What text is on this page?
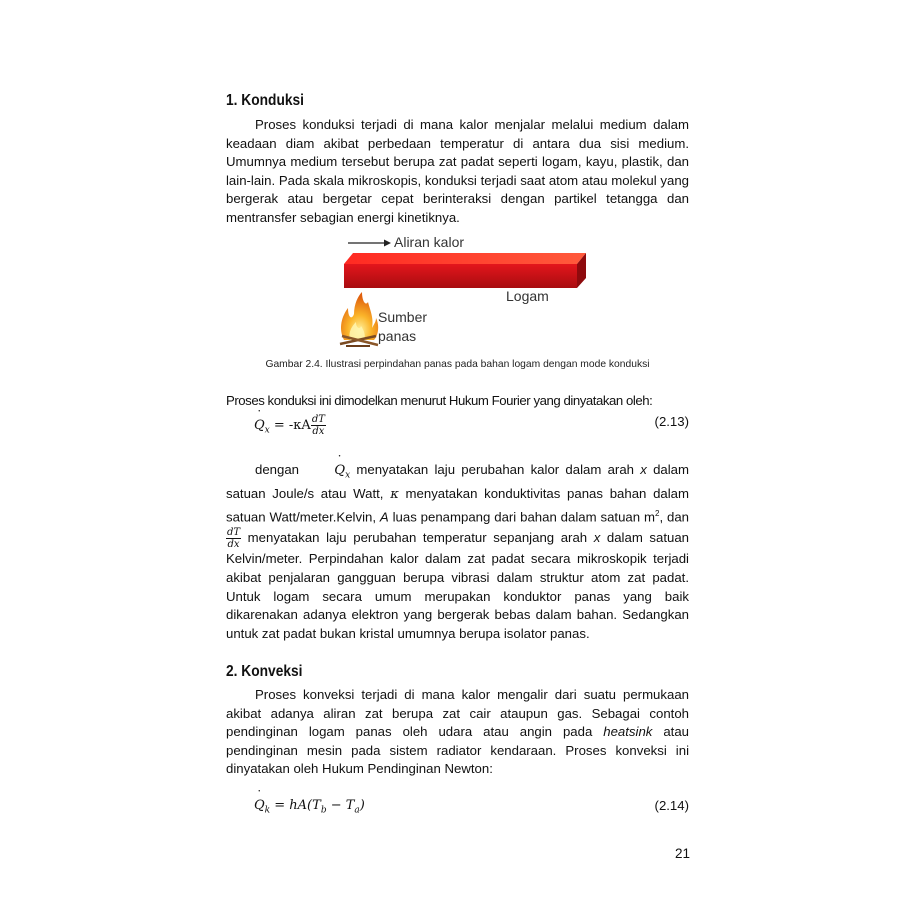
1. Konduksi

Proses konduksi terjadi di mana kalor menjalar melalui medium dalam keadaan diam akibat perbedaan temperatur di antara dua sisi medium. Umumnya medium tersebut berupa zat padat seperti logam, kayu, plastik, dan lain-lain. Pada skala mikroskopis, konduksi terjadi saat atom atau molekul yang bergerak atau bergetar cepat berinteraksi dengan partikel tetangga dan mentransfer sebagian energi kinetiknya.

Aliran kalor
Logam
Sumber
panas

Gambar 2.4. Ilustrasi perpindahan panas pada bahan logam dengan mode konduksi

Proses konduksi ini dimodelkan menurut Hukum Fourier yang dinyatakan oleh:

˙ $Q_x = -\kappa A \frac{dT}{dx}$	(2.13)

dengan ˙ $Q_x$ menyatakan laju perubahan kalor dalam arah x dalam satuan Joule/s atau Watt, κ menyatakan konduktivitas panas bahan dalam satuan Watt/meter.Kelvin, A luas penampang dari bahan dalam satuan $m^2$, dan
$\frac{dT}{dx}$ menyatakan laju perubahan temperatur sepanjang arah x dalam satuan Kelvin/meter. Perpindahan kalor dalam zat padat secara mikroskopik terjadi akibat penjalaran gangguan berupa vibrasi dalam struktur atom zat padat. Untuk logam secara umum merupakan konduktor panas yang baik dikarenakan adanya elektron yang bergerak bebas dalam bahan. Sedangkan untuk zat padat bukan kristal umumnya berupa isolator panas.

2. Konveksi

Proses konveksi terjadi di mana kalor mengalir dari suatu permukaan akibat adanya aliran zat berupa zat cair ataupun gas. Sebagai contoh pendinginan logam panas oleh udara atau angin pada heatsink atau pendinginan mesin pada sistem radiator kendaraan. Proses konveksi ini dinyatakan oleh Hukum Pendinginan Newton:

˙ $Q_k = hA(T_b - T_a)$	(2.14)
21
